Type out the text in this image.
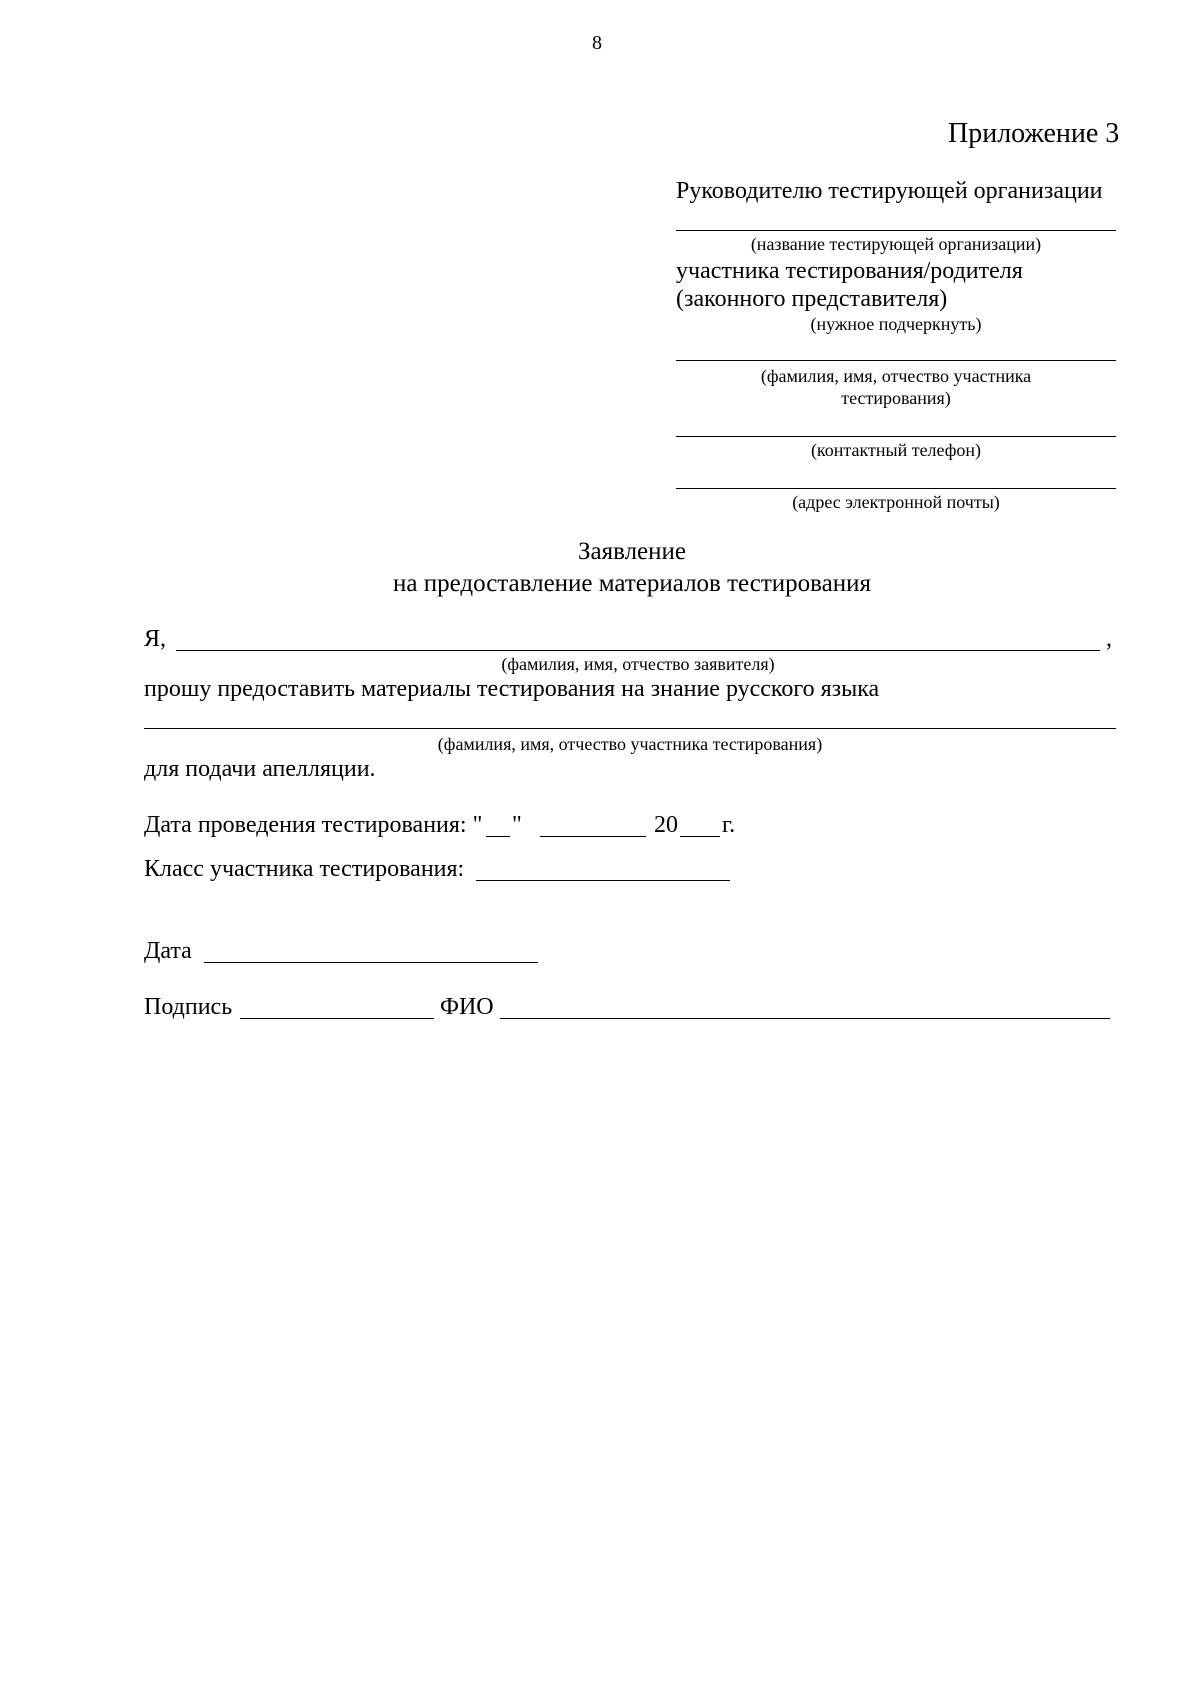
8
Приложение 3
Руководителю тестирующей организации
(название тестирующей организации)
участника тестирования/родителя
(законного представителя)
(нужное подчеркнуть)
(фамилия, имя, отчество участника
тестирования)
(контактный телефон)
(адрес электронной почты)
Заявление
на предоставление материалов тестирования
Я,	,
(фамилия, имя, отчество заявителя)
прошу предоставить материалы тестирования на знание русского языка
(фамилия, имя, отчество участника тестирования)
для подачи апелляции.
Дата проведения тестирования: " "	20 г.
Класс участника тестирования:
Дата
Подпись	ФИО
